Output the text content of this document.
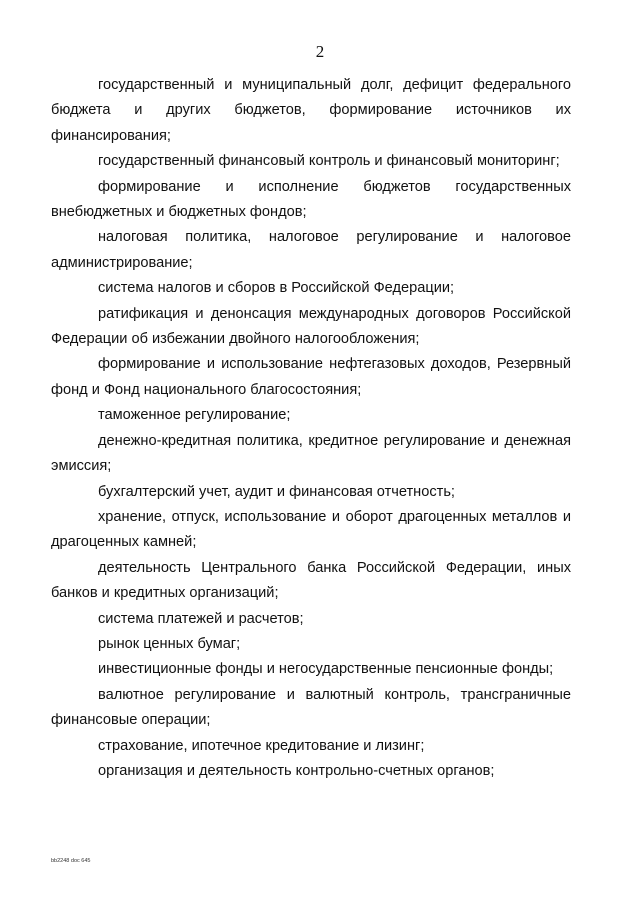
2

государственный и муниципальный долг, дефицит федерального бюджета и других бюджетов, формирование источников их финансирования;

государственный финансовый контроль и финансовый мониторинг;

формирование и исполнение бюджетов государственных внебюджетных и бюджетных фондов;

налоговая политика, налоговое регулирование и налоговое администрирование;

система налогов и сборов в Российской Федерации;

ратификация и денонсация международных договоров Российской Федерации об избежании двойного налогообложения;

формирование и использование нефтегазовых доходов, Резервный фонд и Фонд национального благосостояния;

таможенное регулирование;

денежно-кредитная политика, кредитное регулирование и денежная эмиссия;

бухгалтерский учет, аудит и финансовая отчетность;

хранение, отпуск, использование и оборот драгоценных металлов и драгоценных камней;

деятельность Центрального банка Российской Федерации, иных банков и кредитных организаций;

система платежей и расчетов;

рынок ценных бумаг;

инвестиционные фонды и негосударственные пенсионные фонды;

валютное регулирование и валютный контроль, трансграничные финансовые операции;

страхование, ипотечное кредитование и лизинг;

организация и деятельность контрольно-счетных органов;

bb2248 doc 645
